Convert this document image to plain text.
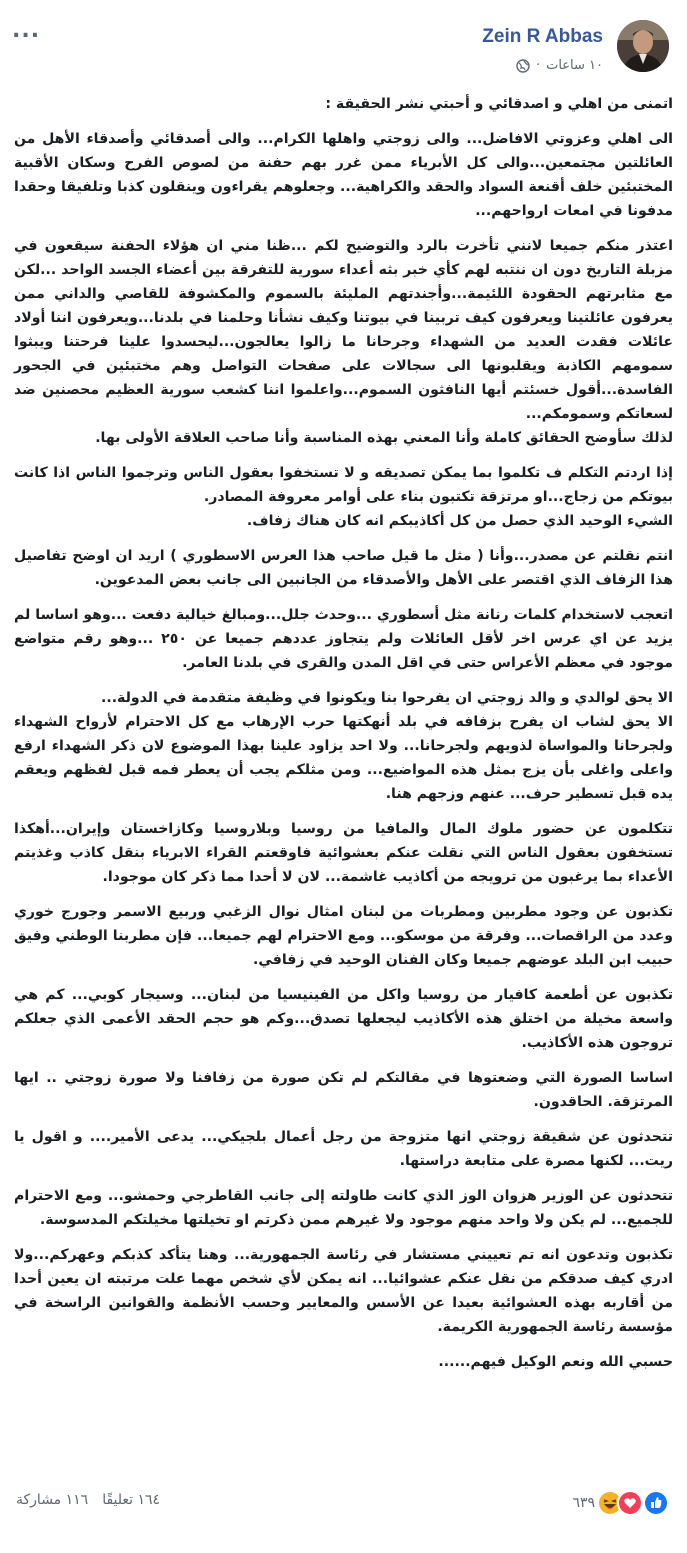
...	Zein R Abbas
١٠ ساعات
·

اتمنى من اهلي و اصدقائي و أحبتي نشر الحقيقة :

الى اهلي وعزوتي الافاضل... والى زوجتي واهلها الكرام... والى أصدقائي وأصدقاء الأهل من العائلتين مجتمعين...والى كل الأبرياء ممن غرر بهم حفنة من لصوص الفرح وسكان الأقبية المختبئين خلف أقنعة السواد والحقد والكراهية... وجعلوهم يقراءون وينقلون كذبا وتلفيقا وحقدا مدفونا في امعات ارواحهم...

اعتذر منكم جميعا لانني تأخرت بالرد والتوضيح لكم ...ظنا مني ان هؤلاء الحفنة سيقعون في مزبلة التاريخ دون ان ننتبه لهم كأي خبر بثه أعداء سورية للتفرقة بين أعضاء الجسد الواحد ...لكن مع مثابرتهم الحقودة اللئيمة...وأجندتهم المليئة بالسموم والمكشوفة للقاصي والداني ممن يعرفون عائلتينا ويعرفون كيف تربينا في بيوتنا وكيف نشأنا وحلمنا في بلدنا...ويعرفون اننا أولاد عائلات فقدت العديد من الشهداء وجرحانا ما زالوا يعالجون...ليحسدوا علينا فرحتنا ويبثوا سمومهم الكاذبة ويقلبونها الى سجالات على صفحات التواصل وهم مختبئين في الجحور الفاسدة...أقول خسئتم أيها النافثون السموم...واعلموا اننا كشعب سورية العظيم محصنين ضد لسعاتكم وسمومكم...

لذلك سأوضح الحقائق كاملة وأنا المعني بهذه المناسبة وأنا صاحب العلاقة الأولى بها.

إذا اردتم التكلم ف تكلموا بما يمكن تصديقه و لا تستخفوا بعقول الناس وترجموا الناس اذا كانت بيوتكم من زجاج...او مرتزقة تكتبون بناء على أوامر معروفة المصادر.

الشيء الوحيد الذي حصل من كل أكاذيبكم انه كان هناك زفاف.

انتم نقلتم عن مصدر...وأنا ( مثل ما قيل صاحب هذا العرس الاسطوري ) اريد ان اوضح تفاصيل هذا الزفاف الذي اقتصر على الأهل والأصدقاء من الجانبين الى جانب بعض المدعوين.

اتعجب لاستخدام كلمات رنانة مثل أسطوري ...وحدث جلل...ومبالغ خيالية دفعت ...وهو اساسا لم يزيد عن اي عرس اخر لأقل العائلات ولم يتجاوز عددهم جميعا عن ٢٥٠ ...وهو رقم متواضع موجود في معظم الأعراس حتى في اقل المدن والقرى في بلدنا العامر.

الا يحق لوالدي و والد زوجتي ان يفرحوا بنا ويكونوا في وظيفة متقدمة في الدولة...

الا يحق لشاب ان يفرح بزفافه في بلد أنهكتها حرب الإرهاب مع كل الاحترام لأرواح الشهداء ولجرحانا والمواساة لذويهم ولجرحانا... ولا احد يزاود علينا بهذا الموضوع لان ذكر الشهداء ارفع واعلى واغلى بأن يزج بمثل هذه المواضيع... ومن مثلكم يجب أن يعطر فمه قبل لفظهم ويعقم يده قبل تسطير حرف... عنهم وزجهم هنا.

تتكلمون عن حضور ملوك المال والمافيا من روسيا وبلاروسيا وكازاخستان وإيران...أهكذا تستخفون بعقول الناس التي نقلت عنكم بعشوائية فاوقعتم القراء الابرياء بنقل كاذب وغذيتم الأعداء بما يرغبون من ترويجه من أكاذيب غاشمة... لان لا أحدا مما ذكر كان موجودا.

تكذبون عن وجود مطربين ومطربات من لبنان امثال نوال الزغبي وربيع الاسمر وجورج خوري وعدد من الراقصات... وفرقة من موسكو... ومع الاحترام لهم جميعا... فإن مطربنا الوطني وفيق حبيب ابن البلد عوضهم جميعا وكان الفنان الوحيد في زفافي.

تكذبون عن أطعمة كافيار من روسيا واكل من الفينيسيا من لبنان... وسيجار كوبي... كم هي واسعة مخيلة من اختلق هذه الأكاذيب ليجعلها تصدق...وكم هو حجم الحقد الأعمى الذي جعلكم تروجون هذه الأكاذيب.

اساسا الصورة التي وضعتوها في مقالتكم لم تكن صورة من زفافنا ولا صورة زوجتي .. ايها المرتزقة. الحاقدون.

تتحدثون عن شقيقة زوجتي انها متزوجة من رجل أعمال بلجيكي... يدعى الأمير.... و اقول يا ريت... لكنها مصرة على متابعة دراستها.

تتحدثون عن الوزير هزوان الوز الذي كانت طاولته إلى جانب القاطرجي وحمشو... ومع الاحترام للجميع... لم يكن ولا واحد منهم موجود ولا غيرهم ممن ذكرتم او تخيلتها مخيلتكم المدسوسة.

تكذبون وتدعون انه تم تعييني مستشار في رئاسة الجمهورية... وهنا يتأكد كذبكم وعهركم...ولا ادري كيف صدقكم من نقل عنكم عشوائيا... انه يمكن لأي شخص مهما علت مرتبته ان يعين أحدا من أقاربه بهذه العشوائية بعيدا عن الأسس والمعايير وحسب الأنظمة والقوانين الراسخة في مؤسسة رئاسة الجمهورية الكريمة.

حسبي الله ونعم الوكيل فيهم......

٦٣٩
١٦٤ تعليقًا
١١٦ مشاركة
